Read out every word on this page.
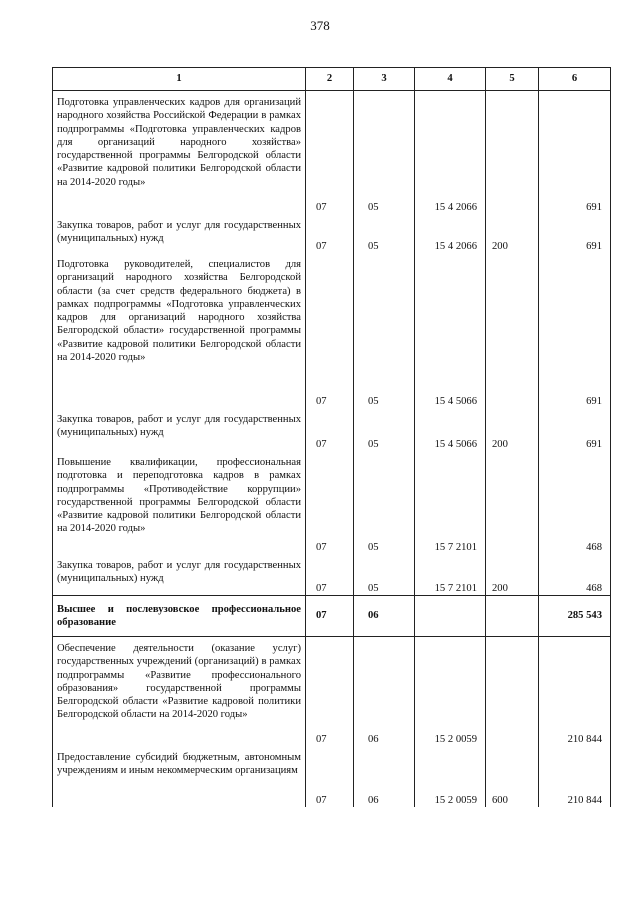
378
1	2	3	4	5	6
Подготовка управленческих кадров для организаций народного хозяйства Российской Федерации в рамках подпрограммы «Подготовка управленческих кадров для организаций народного хозяйства» государственной программы Белгородской области «Развитие кадровой политики Белгородской области на 2014-2020 годы»	07	05	15 4 2066		691
Закупка товаров, работ и услуг для государственных (муниципальных) нужд	07	05	15 4 2066	200	691
Подготовка руководителей, специалистов для организаций народного хозяйства Белгородской области (за счет средств федерального бюджета) в рамках подпрограммы «Подготовка управленческих кадров для организаций народного хозяйства Белгородской области» государственной программы «Развитие кадровой политики Белгородской области на 2014-2020 годы»	07	05	15 4 5066		691
Закупка товаров, работ и услуг для государственных (муниципальных) нужд	07	05	15 4 5066	200	691
Повышение квалификации, профессиональная подготовка и переподготовка кадров в рамках подпрограммы «Противодействие коррупции» государственной программы Белгородской области «Развитие кадровой политики Белгородской области на 2014-2020 годы»	07	05	15 7 2101		468
Закупка товаров, работ и услуг для государственных (муниципальных) нужд	07	05	15 7 2101	200	468
Высшее и послевузовское профессиональное образование	07	06			285 543
Обеспечение деятельности (оказание услуг) государственных учреждений (организаций) в рамках подпрограммы «Развитие профессионального образования» государственной программы Белгородской области «Развитие кадровой политики Белгородской области на 2014-2020 годы»	07	06	15 2 0059		210 844
Предоставление субсидий бюджетным, автономным учреждениям и иным некоммерческим организациям	07	06	15 2 0059	600	210 844
